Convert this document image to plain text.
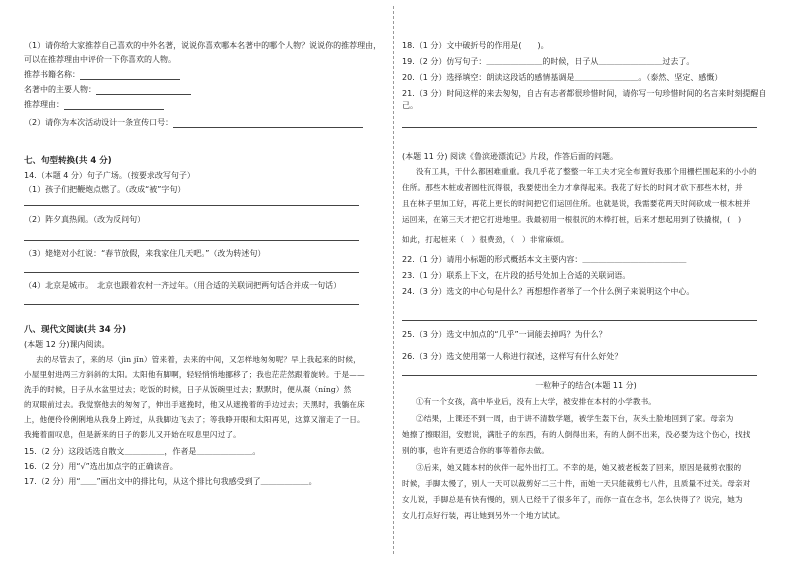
（1）请你给大家推荐自己喜欢的中外名著，说说你喜欢哪本名著中的哪个人物？说说你的推荐理由，
可以在推荐理由中评价一下你喜欢的人物。
推荐书籍名称：
名著中的主要人物：
推荐理由：
（2）请你为本次活动设计一条宣传口号：
七、句型转换(共 4 分)
14.（本题 4 分）句子广场。（按要求改写句子）
（1）孩子们把鞭炮点燃了。（改成“被”字句）
（2）阵夕真热闹。（改为反问句）
（3）姥姥对小红说：“春节放假，来我家住几天吧。”（改为转述句）
（4）北京是城市。　北京也跟着农村一齐过年。（用合适的关联词把两句话合并成一句话）
八、现代文阅读(共 34 分)
(本题 12 分)课内阅读。
去的尽管去了，来的尽（jìn jǐn）管来着，去来的中间，又怎样地匆匆呢？早上我起来的时候，
小屋里射进两三方斜斜的太阳。太阳他有脚啊，轻轻悄悄地挪移了；我也茫茫然跟着旋转。于是——
洗手的时候，日子从水盆里过去；吃饭的时候，日子从饭碗里过去；默默时，便从凝（níng）然
的双眼前过去。我觉察他去的匆匆了，伸出手遮挽时，他又从遮挽着的手边过去；天黑时，我躺在床
上，他便伶伶俐俐地从我身上跨过，从我脚边飞去了；等我睁开眼和太阳再见，这算又溜走了一日。
我掩着面叹息，但是新来的日子的影儿又开始在叹息里闪过了。
15.（2 分）这段话选自散文＿＿＿＿＿，作者是＿＿＿＿＿＿＿。
16.（2 分）用“√”选出加点字的正确读音。
17.（2 分）用“＿＿”画出文中的排比句，从这个排比句我感受到了＿＿＿＿＿＿。
18.（1 分）文中破折号的作用是(　　)。
19.（2 分）仿写句子：＿＿＿＿＿＿＿的时候，日子从＿＿＿＿＿＿＿＿过去了。
20.（1 分）选择填空：朗读这段话的感情基调是＿＿＿＿＿＿＿＿。（泰然、坚定、感慨）
21.（3 分）时间这样的来去匆匆，自古有志者都很珍惜时间，请你写一句珍惜时间的名言来时刻提醒自
己。
(本题 11 分) 阅读《鲁滨逊漂流记》片段，作答后面的问题。
没有工具，干什么都困难重重。我几乎花了整整一年工夫才完全布置好我那个用栅栏围起来的小小的
住所。那些木桩或者圆柱沉得很，我要使出全力才拿得起来。我花了好长的时间才砍下那些木材，并
且在林子里加工好，再花上更长的时间把它们运回住所。也就是说，我需要花两天时间砍成一根木桩并
运回来，在第三天才把它打进地里。我最初用一根很沉的木棒打桩，后来才想起用到了铁撬棍，(　)
如此，打起桩来（　）很费劲，（　）非常麻烦。
22.（1 分）请用小标题的形式概括本文主要内容：＿＿＿＿＿＿＿＿＿＿＿＿＿
23.（1 分）联系上下文，在片段的括号处加上合适的关联词语。
24.（3 分）选文的中心句是什么？再想想作者举了一个什么例子来说明这个中心。
25.（3 分）选文中加点的“几乎”一词能去掉吗？为什么？
26.（3 分）选文使用第一人称进行叙述，这样写有什么好处？
一粒种子的结合(本题 11 分)
①有一个女孩，高中毕业后，没有上大学，被安排在本村的小学教书。
②结果，上课还不到一周，由于讲不清数学题，被学生轰下台，灰头土脸地回到了家。母亲为
她擦了擦眼泪，安慰说，满肚子的东西，有的人倒得出来，有的人倒不出来，没必要为这个伤心，找找
别的事，也许有更适合你的事等着你去做。
③后来，她又随本村的伙伴一起外出打工。不幸的是，她又被老板轰了回来，原因是裁剪衣服的
时候，手脚太慢了，别人一天可以裁剪好二三十件，而她一天只能裁剪七八件，且质量不过关。母亲对
女儿说，手脚总是有快有慢的，别人已经干了很多年了，而你一直在念书，怎么快得了？说完，她为
女儿打点好行装，再让她到另外一个地方试试。
